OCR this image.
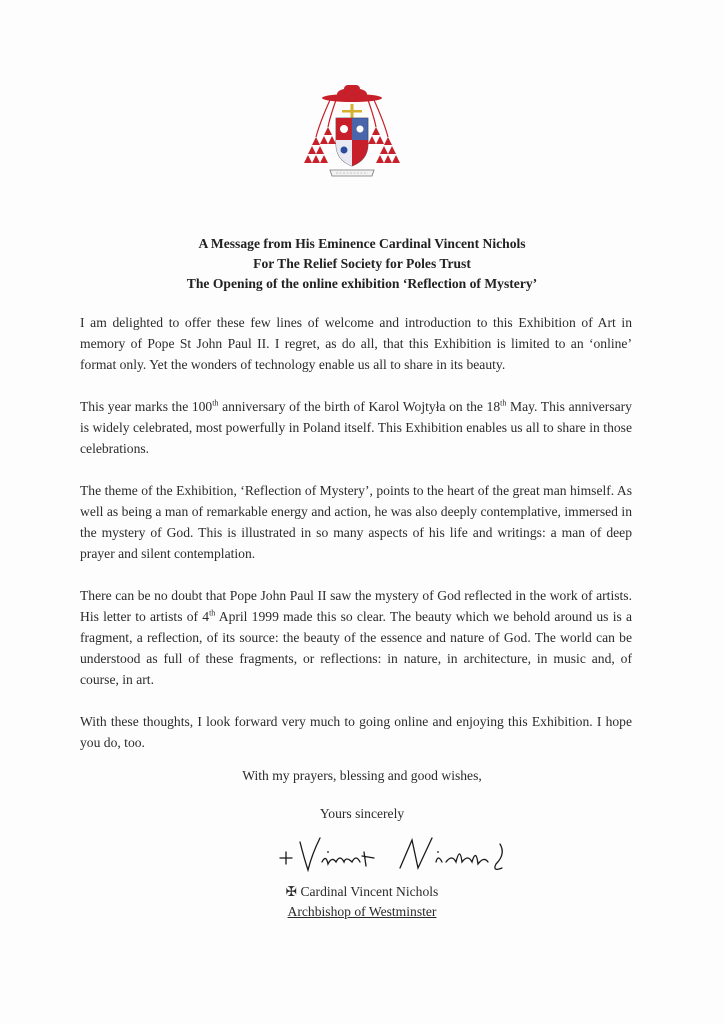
A Message from His Eminence Cardinal Vincent Nichols
For The Relief Society for Poles Trust
The Opening of the online exhibition ‘Reflection of Mystery’

I am delighted to offer these few lines of welcome and introduction to this Exhibition of Art in memory of Pope St John Paul II. I regret, as do all, that this Exhibition is limited to an ‘online’ format only. Yet the wonders of technology enable us all to share in its beauty.

This year marks the 100th anniversary of the birth of Karol Wojtyła on the 18th May. This anniversary is widely celebrated, most powerfully in Poland itself. This Exhibition enables us all to share in those celebrations.

The theme of the Exhibition, ‘Reflection of Mystery’, points to the heart of the great man himself. As well as being a man of remarkable energy and action, he was also deeply contemplative, immersed in the mystery of God. This is illustrated in so many aspects of his life and writings: a man of deep prayer and silent contemplation.

There can be no doubt that Pope John Paul II saw the mystery of God reflected in the work of artists. His letter to artists of 4th April 1999 made this so clear. The beauty which we behold around us is a fragment, a reflection, of its source: the beauty of the essence and nature of God. The world can be understood as full of these fragments, or reflections: in nature, in architecture, in music and, of course, in art.

With these thoughts, I look forward very much to going online and enjoying this Exhibition. I hope you do, too.

With my prayers, blessing and good wishes,
Yours sincerely
✠ Cardinal Vincent Nichols
Archbishop of Westminster
